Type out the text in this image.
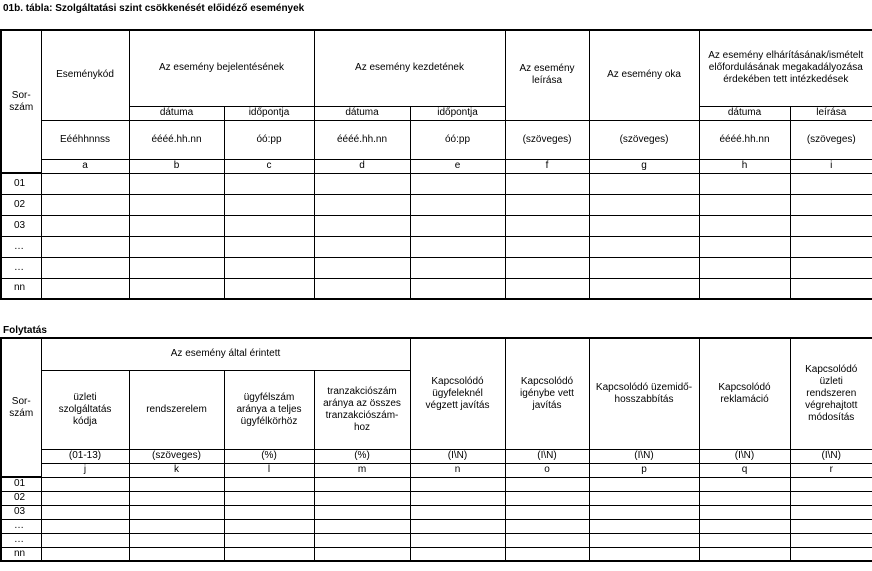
01b. tábla: Szolgáltatási szint csökkenését előidéző események
Sor-
szám	Eseménykód	Az esemény bejelentésének		Az esemény kezdetének		Az esemény leírása	Az esemény oka	Az esemény elhárításának/ismételt előfordulásának megakadályozása érdekében tett intézkedések	

		dátuma	időpontja	dátuma	időpontja			dátuma	leírása
	Eééhhnnss	éééé.hh.nn	óó:pp	éééé.hh.nn	óó:pp	(szöveges)	(szöveges)	éééé.hh.nn	(szöveges)
	a	b	c	d	e	f	g	h	i
01									
02									
03									
…									
…									
nn									
Folytatás
Sor-
szám	Az esemény által érintett				Kapcsolódó ügyfeleknél végzett javítás	Kapcsolódó igénybe vett javítás	Kapcsolódó üzemidő-hosszabbítás	Kapcsolódó reklamáció	Kapcsolódó üzleti rendszeren végrehajtott módosítás

	üzleti szolgáltatás kódja	rendszerelem	ügyfélszám aránya a teljes ügyfélkörhöz	tranzakciószám aránya az összes tranzakciószám-hoz					

	(01-13)	(szöveges)	(%)	(%)	(I\N)	(I\N)	(I\N)	(I\N)	(I\N)
	j	k	l	m	n	o	p	q	r
01									
02									
03									
…									
…									
nn									
